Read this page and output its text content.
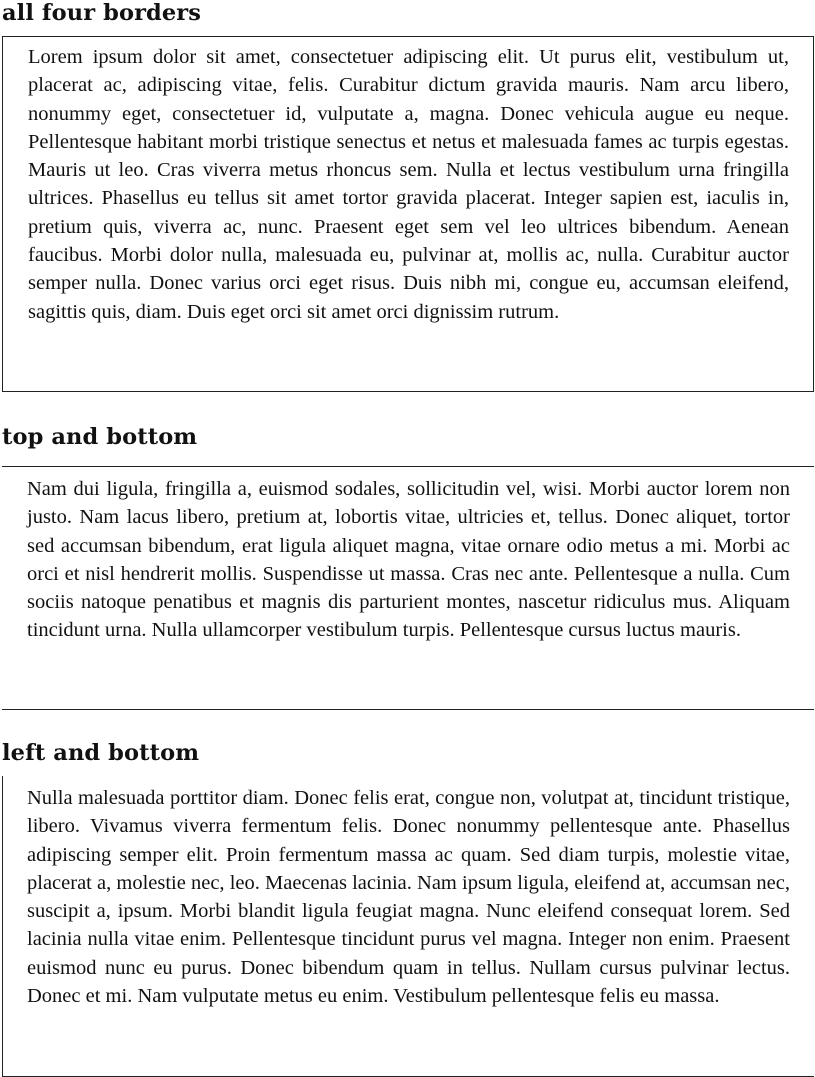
all four borders

Lorem ipsum dolor sit amet, consectetuer adipiscing elit. Ut purus elit, vestibulum ut, placerat ac, adipiscing vitae, felis. Curabitur dictum gravida mauris. Nam arcu libero, nonummy eget, consectetuer id, vulputate a, magna. Donec vehicula augue eu neque. Pellentesque habitant morbi tristique senectus et netus et malesuada fames ac turpis egestas. Mauris ut leo. Cras viverra metus rhoncus sem. Nulla et lectus vestibulum urna fringilla ultrices. Phasellus eu tellus sit amet tortor gravida placerat. Integer sapien est, iaculis in, pretium quis, viverra ac, nunc. Praesent eget sem vel leo ultrices bibendum. Aenean faucibus. Morbi dolor nulla, malesuada eu, pulvinar at, mollis ac, nulla. Curabitur auctor semper nulla. Donec varius orci eget risus. Duis nibh mi, congue eu, accumsan eleifend, sagittis quis, diam. Duis eget orci sit amet orci dignissim rutrum.

top and bottom

Nam dui ligula, fringilla a, euismod sodales, sollicitudin vel, wisi. Morbi auctor lorem non justo. Nam lacus libero, pretium at, lobortis vitae, ultricies et, tellus. Donec aliquet, tortor sed accumsan bibendum, erat ligula aliquet magna, vitae ornare odio metus a mi. Morbi ac orci et nisl hendrerit mollis. Suspendisse ut massa. Cras nec ante. Pellentesque a nulla. Cum sociis natoque penatibus et magnis dis parturient montes, nascetur ridiculus mus. Aliquam tincidunt urna. Nulla ullamcorper vestibulum turpis. Pellentesque cursus luctus mauris.

left and bottom

Nulla malesuada porttitor diam. Donec felis erat, congue non, volutpat at, tincidunt tristique, libero. Vivamus viverra fermentum felis. Donec nonummy pellentesque ante. Phasellus adipiscing semper elit. Proin fermentum massa ac quam. Sed diam turpis, molestie vitae, placerat a, molestie nec, leo. Maecenas lacinia. Nam ipsum ligula, eleifend at, accumsan nec, suscipit a, ipsum. Morbi blandit ligula feugiat magna. Nunc eleifend consequat lorem. Sed lacinia nulla vitae enim. Pellentesque tincidunt purus vel magna. Integer non enim. Praesent euismod nunc eu purus. Donec bibendum quam in tellus. Nullam cursus pulvinar lectus. Donec et mi. Nam vulputate metus eu enim. Vestibulum pellentesque felis eu massa.
